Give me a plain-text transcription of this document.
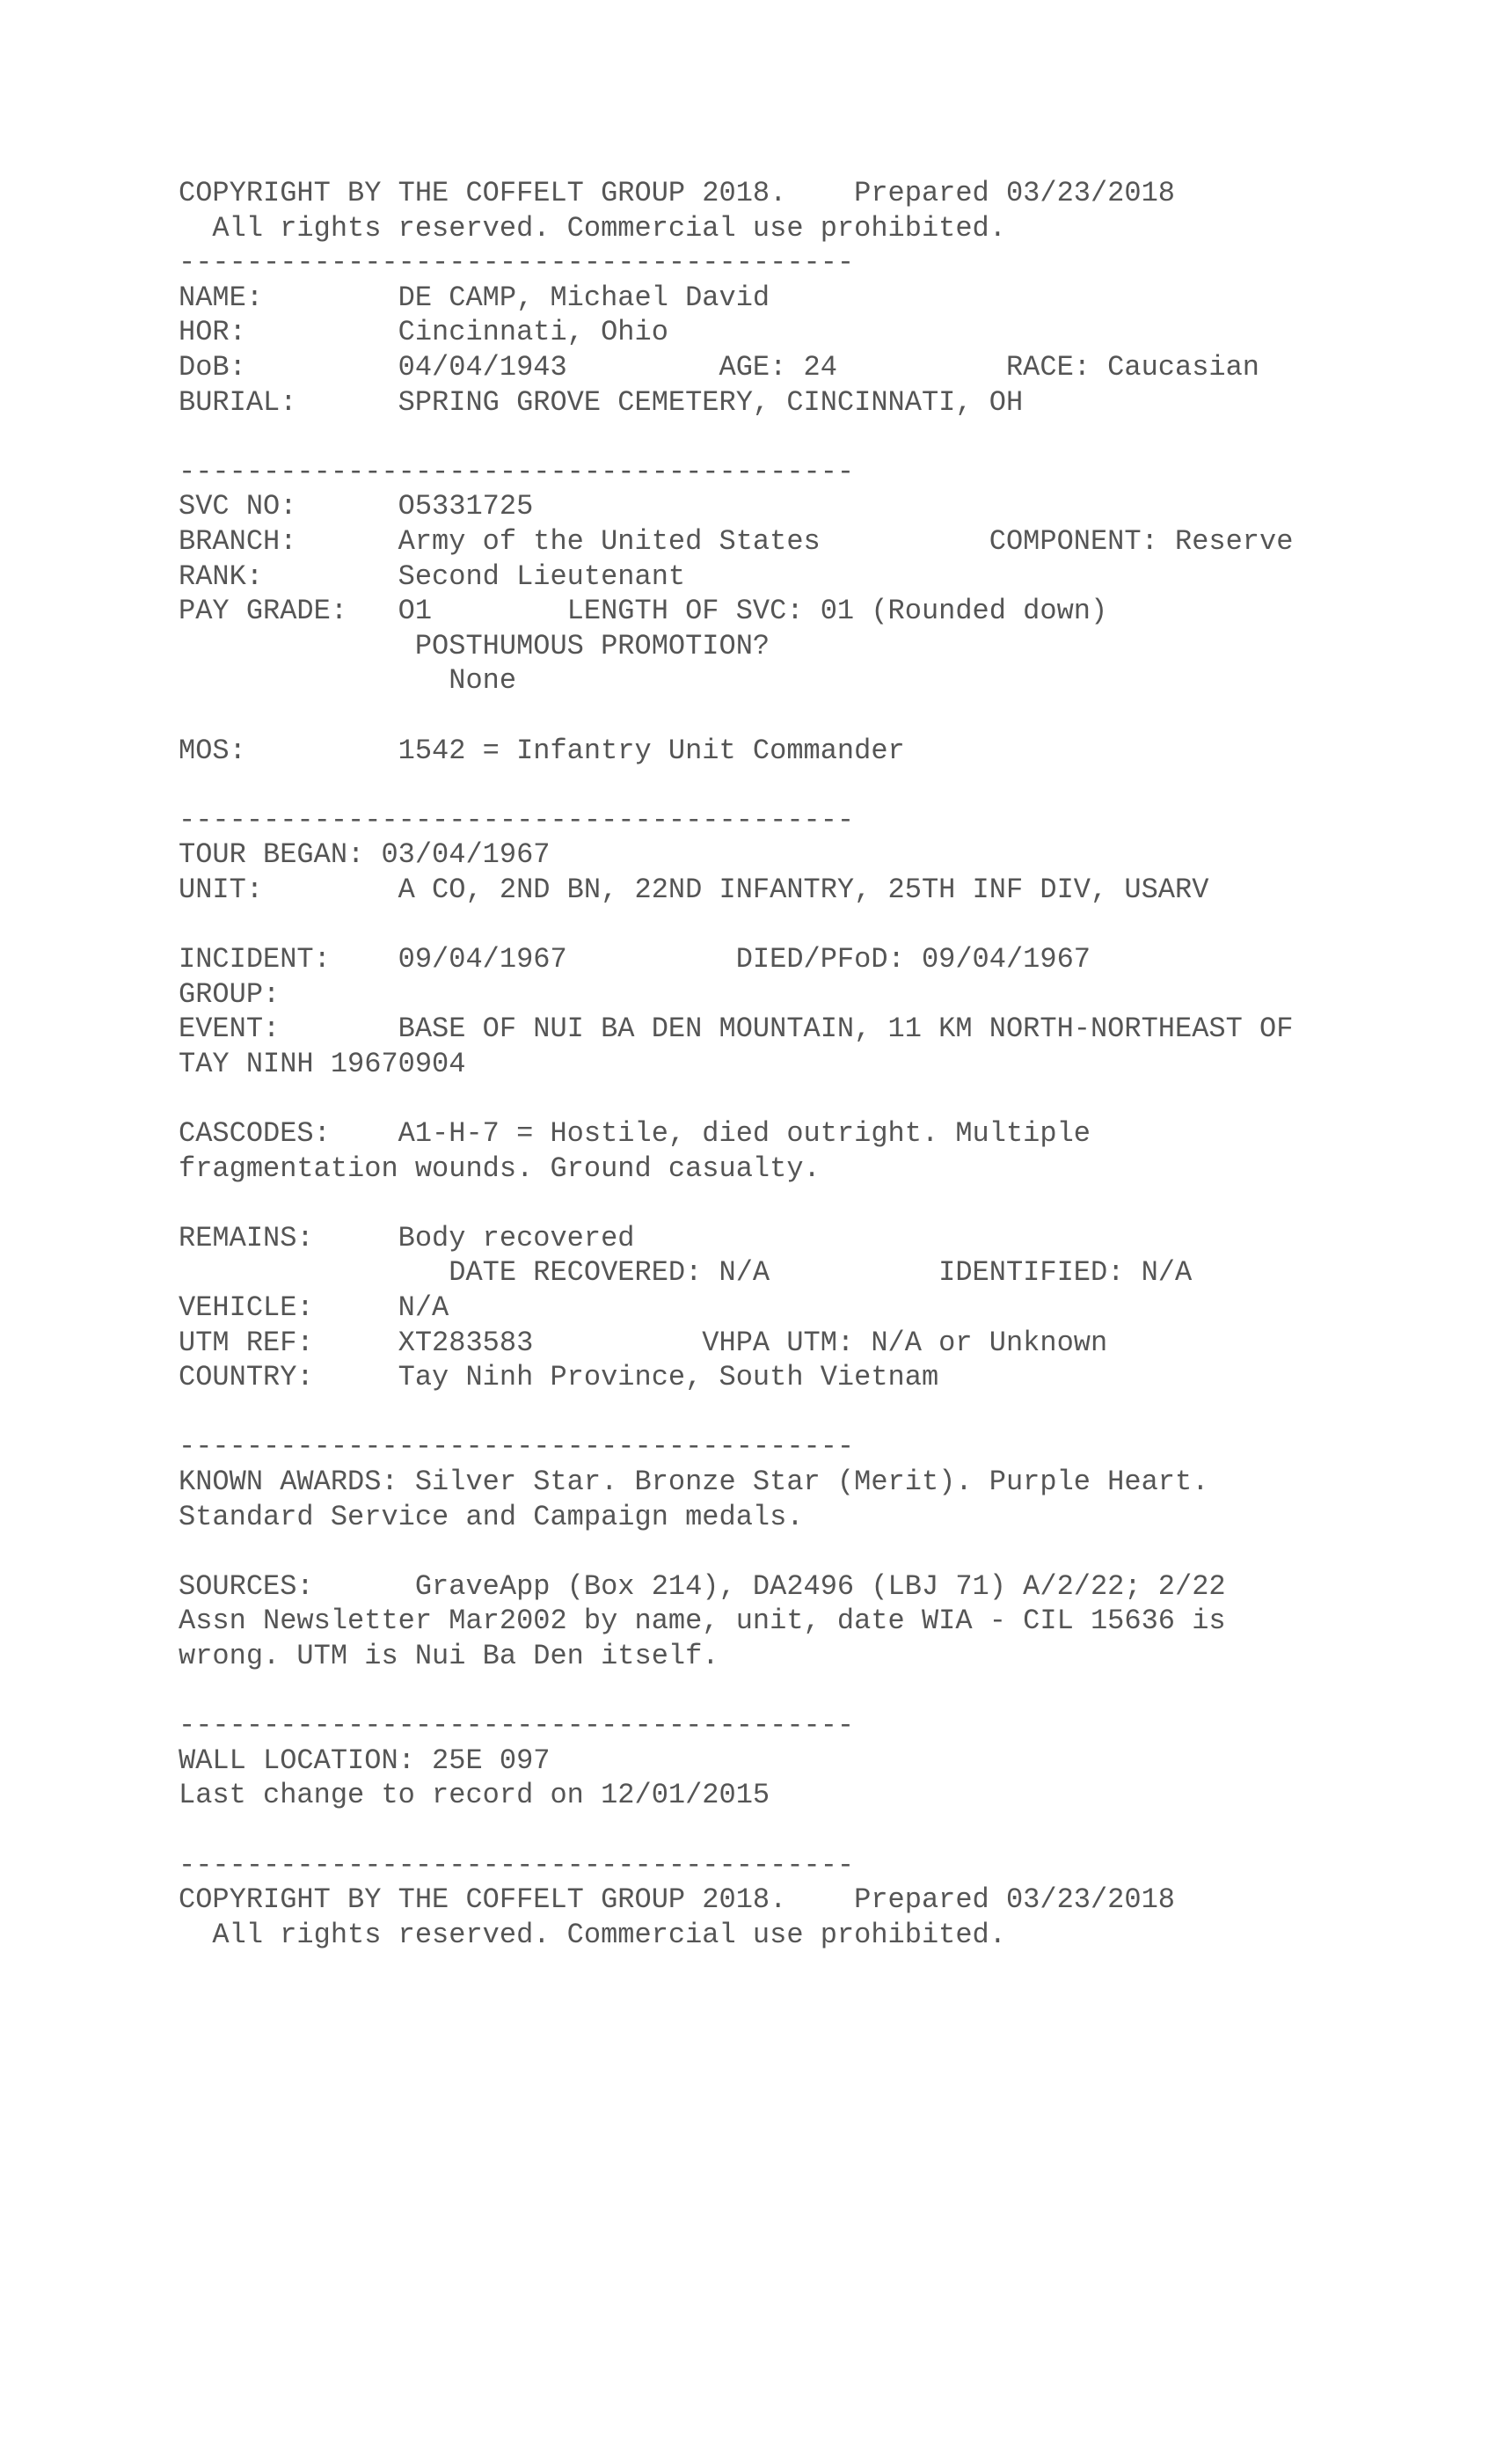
COPYRIGHT BY THE COFFELT GROUP 2018.    Prepared 03/23/2018
All rights reserved. Commercial use prohibited.
----------------------------------------
NAME:        DE CAMP, Michael David
HOR:         Cincinnati, Ohio
DoB:         04/04/1943         AGE: 24          RACE: Caucasian
BURIAL:      SPRING GROVE CEMETERY, CINCINNATI, OH
----------------------------------------
SVC NO:      O5331725
BRANCH:      Army of the United States          COMPONENT: Reserve
RANK:        Second Lieutenant
PAY GRADE:   O1        LENGTH OF SVC: 01 (Rounded down)
POSTHUMOUS PROMOTION?
None
MOS:         1542 = Infantry Unit Commander
----------------------------------------
TOUR BEGAN: 03/04/1967
UNIT:        A CO, 2ND BN, 22ND INFANTRY, 25TH INF DIV, USARV
INCIDENT:    09/04/1967          DIED/PFoD: 09/04/1967
GROUP:
EVENT:       BASE OF NUI BA DEN MOUNTAIN, 11 KM NORTH-NORTHEAST OF
TAY NINH 19670904
CASCODES:    A1-H-7 = Hostile, died outright. Multiple
fragmentation wounds. Ground casualty.
REMAINS:     Body recovered
DATE RECOVERED: N/A          IDENTIFIED: N/A
VEHICLE:     N/A
UTM REF:     XT283583          VHPA UTM: N/A or Unknown
COUNTRY:     Tay Ninh Province, South Vietnam
----------------------------------------
KNOWN AWARDS: Silver Star. Bronze Star (Merit). Purple Heart.
Standard Service and Campaign medals.
SOURCES:      GraveApp (Box 214), DA2496 (LBJ 71) A/2/22; 2/22
Assn Newsletter Mar2002 by name, unit, date WIA - CIL 15636 is
wrong. UTM is Nui Ba Den itself.
----------------------------------------
WALL LOCATION: 25E 097
Last change to record on 12/01/2015
----------------------------------------
COPYRIGHT BY THE COFFELT GROUP 2018.    Prepared 03/23/2018
All rights reserved. Commercial use prohibited.
